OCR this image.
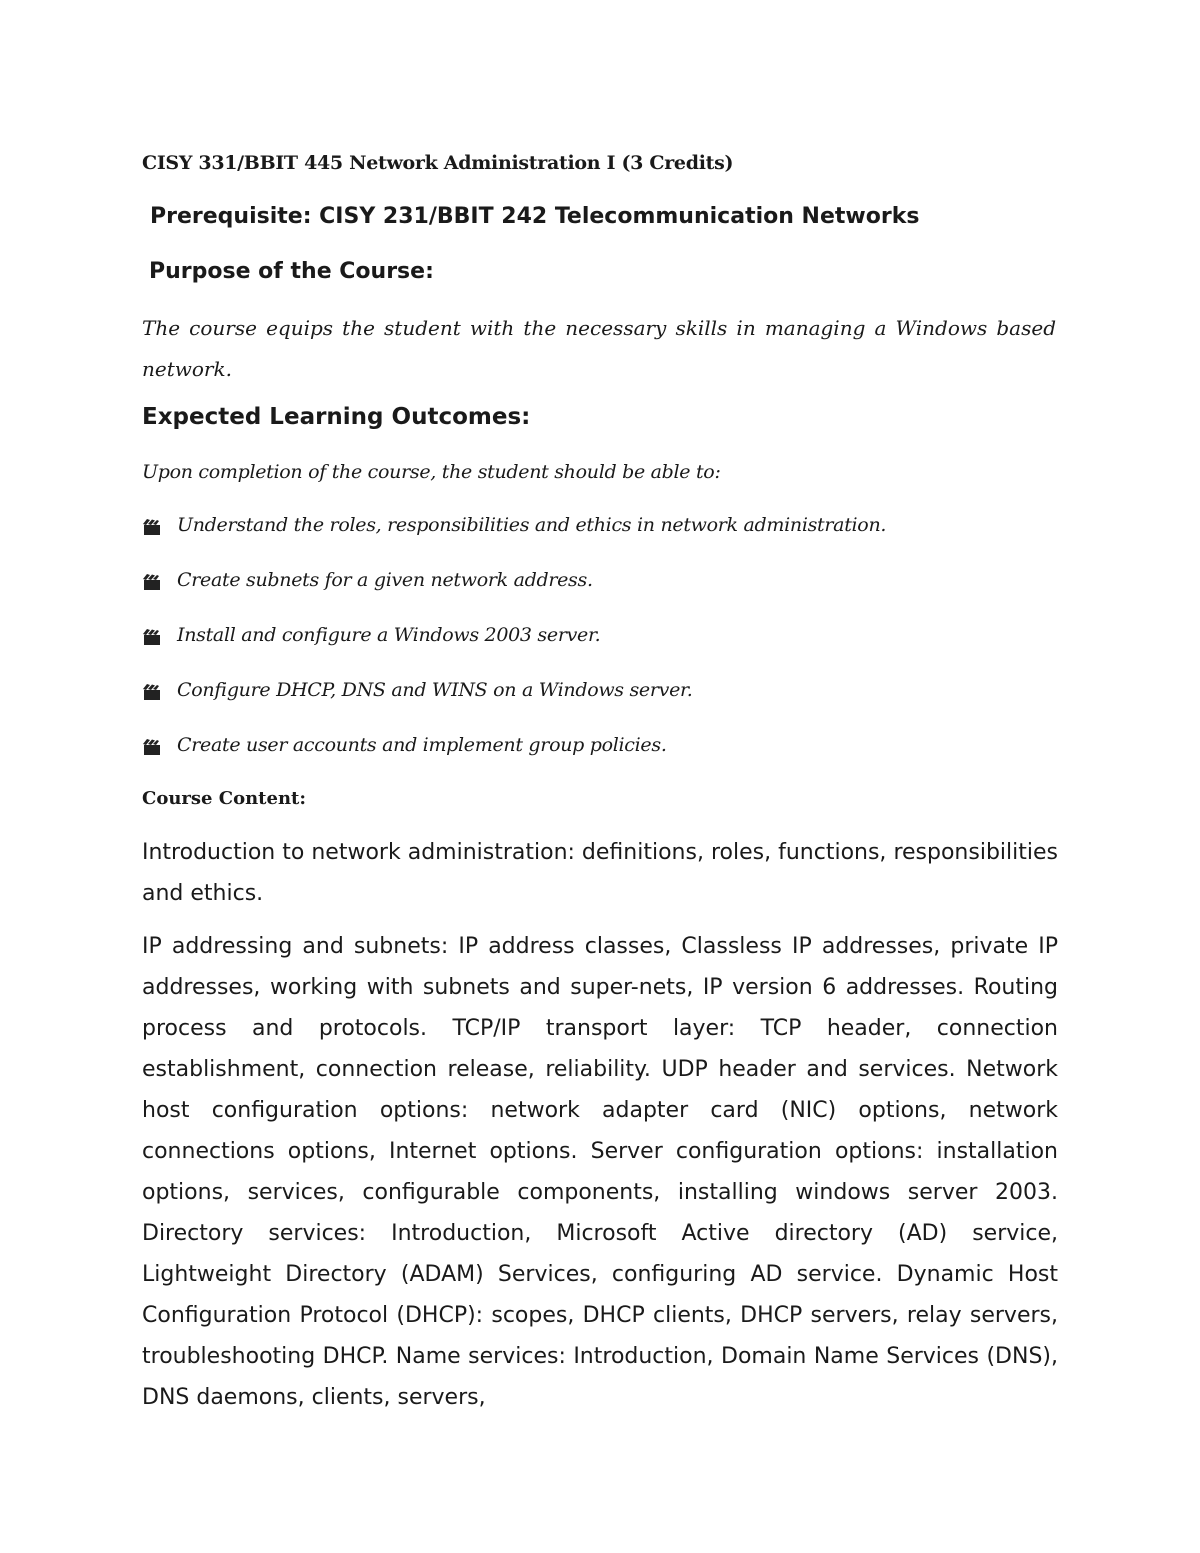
CISY 331/BBIT 445 Network Administration I (3 Credits)
Prerequisite: CISY 231/BBIT 242 Telecommunication Networks
Purpose of the Course:
The course equips the student with the necessary skills in managing a Windows based network.
Expected Learning Outcomes:
Upon completion of the course, the student should be able to:
Understand the roles, responsibilities and ethics in network administration.
Create subnets for a given network address.
Install and configure a Windows 2003 server.
Configure DHCP, DNS and WINS on a Windows server.
Create user accounts and implement group policies.
Course Content:
Introduction to network administration: definitions, roles, functions, responsibilities and ethics.
IP addressing and subnets: IP address classes, Classless IP addresses, private IP addresses, working with subnets and super-nets, IP version 6 addresses. Routing process and protocols. TCP/IP transport layer: TCP header, connection establishment, connection release, reliability. UDP header and services. Network host configuration options: network adapter card (NIC) options, network connections options, Internet options. Server configuration options: installation options, services, configurable components, installing windows server 2003. Directory services: Introduction, Microsoft Active directory (AD) service, Lightweight Directory (ADAM) Services, configuring AD service. Dynamic Host Configuration Protocol (DHCP): scopes, DHCP clients, DHCP servers, relay servers, troubleshooting DHCP. Name services: Introduction, Domain Name Services (DNS), DNS daemons, clients, servers,
